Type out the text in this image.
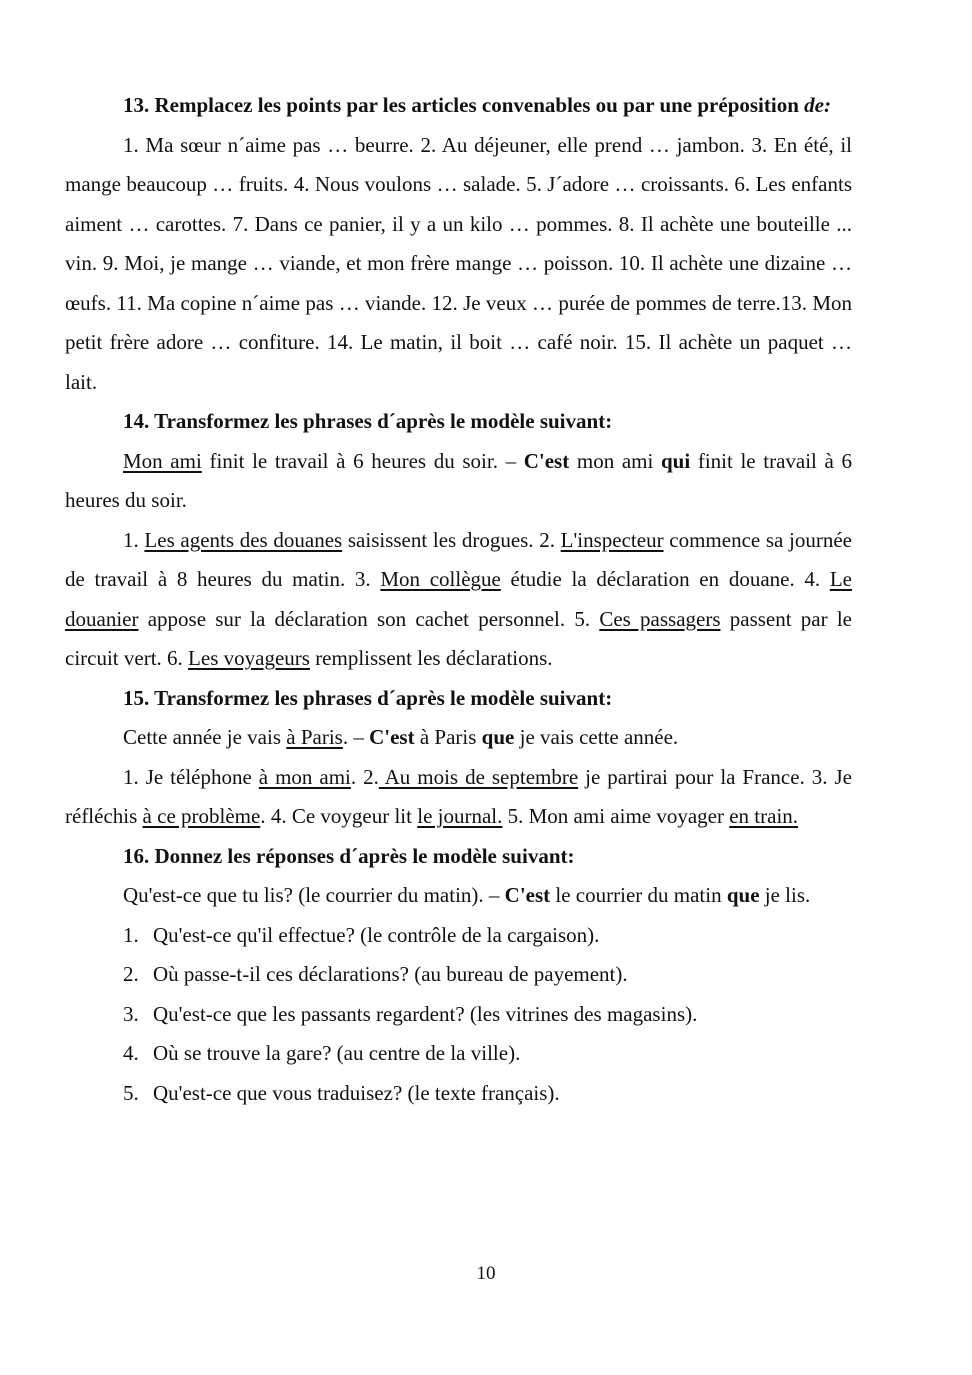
13. Remplacez les points par les articles convenables ou par une préposition de:

1. Ma sœur n´aime pas … beurre. 2. Au déjeuner, elle prend … jambon. 3. En été, il mange beaucoup … fruits. 4. Nous voulons … salade. 5. J´adore … croissants. 6. Les enfants aiment … carottes. 7. Dans ce panier, il y a un kilo … pommes. 8. Il achète une bouteille ... vin. 9. Moi, je mange … viande, et mon frère mange … poisson. 10. Il achète une dizaine … œufs. 11. Ma copine n´aime pas … viande. 12. Je veux … purée de pommes de terre.13. Mon petit frère adore … confiture. 14. Le matin, il boit … café noir. 15. Il achète un paquet … lait.

14. Transformez les phrases d´après le modèle suivant:

Mon ami finit le travail à 6 heures du soir. – C'est mon ami qui finit le travail à 6 heures du soir.

1. Les agents des douanes saisissent les drogues. 2. L'inspecteur commence sa journée de travail à 8 heures du matin. 3. Mon collègue étudie la déclaration en douane. 4. Le douanier appose sur la déclaration son cachet personnel. 5. Ces passagers passent par le circuit vert. 6. Les voyageurs remplissent les déclarations.

15. Transformez les phrases d´après le modèle suivant:

Cette année je vais à Paris. – C'est à Paris que je vais cette année.

1. Je téléphone à mon ami. 2. Au mois de septembre je partirai pour la France. 3. Je réfléchis à ce problème. 4. Ce voygeur lit le journal. 5. Mon ami aime voyager en train.

16. Donnez les réponses d´après le modèle suivant:

Qu'est-ce que tu lis? (le courrier du matin). – C'est le courrier du matin que je lis.

1. Qu'est-ce qu'il effectue? (le contrôle de la cargaison).
2. Où passe-t-il ces déclarations? (au bureau de payement).
3. Qu'est-ce que les passants regardent? (les vitrines des magasins).
4. Où se trouve la gare? (au centre de la ville).
5. Qu'est-ce que vous traduisez? (le texte français).
10
